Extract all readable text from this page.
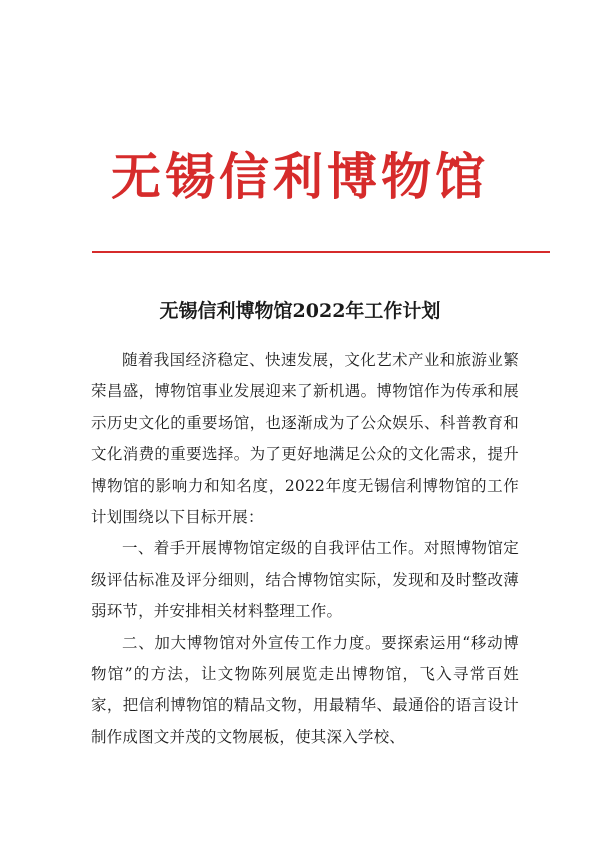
无锡信利博物馆
无锡信利博物馆2022年工作计划

随着我国经济稳定、快速发展，文化艺术产业和旅游业繁荣昌盛，博物馆事业发展迎来了新机遇。博物馆作为传承和展示历史文化的重要场馆，也逐渐成为了公众娱乐、科普教育和文化消费的重要选择。为了更好地满足公众的文化需求，提升博物馆的影响力和知名度，2022年度无锡信利博物馆的工作计划围绕以下目标开展：

一、着手开展博物馆定级的自我评估工作。对照博物馆定级评估标准及评分细则，结合博物馆实际，发现和及时整改薄弱环节，并安排相关材料整理工作。

二、加大博物馆对外宣传工作力度。要探索运用“移动博物馆”的方法，让文物陈列展览走出博物馆，飞入寻常百姓家，把信利博物馆的精品文物，用最精华、最通俗的语言设计制作成图文并茂的文物展板，使其深入学校、
